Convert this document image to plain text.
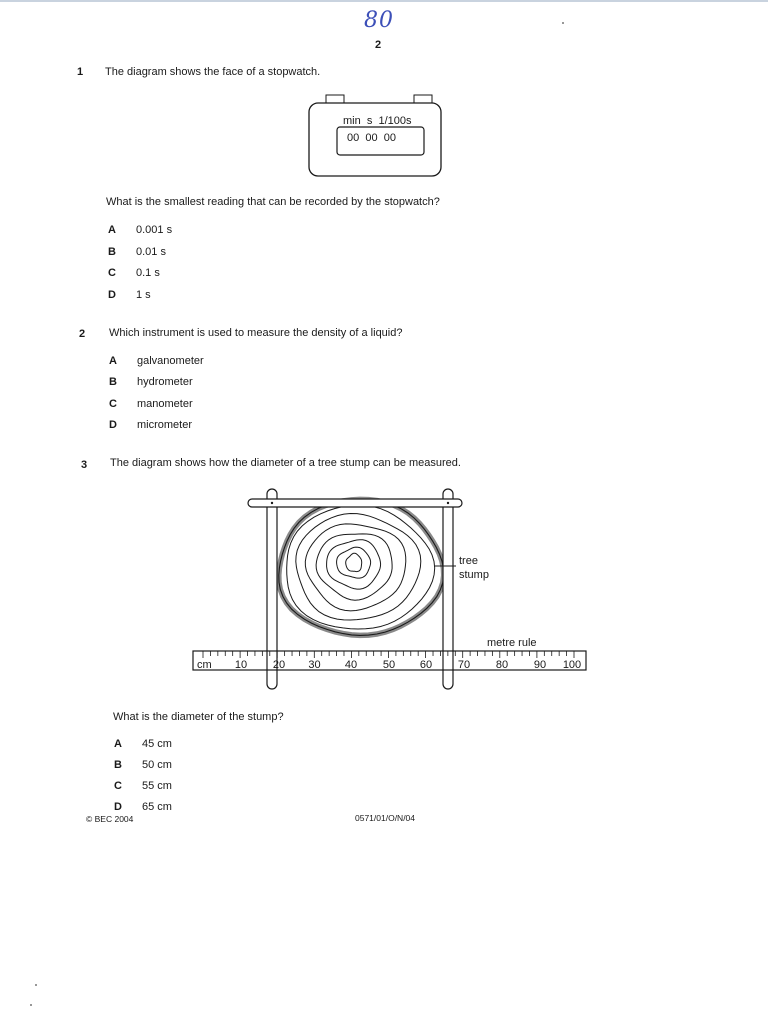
80
2
1 The diagram shows the face of a stopwatch.
min  s  1/100s
00  00  00
What is the smallest reading that can be recorded by the stopwatch?
A 0.001 s
B 0.01 s
C 0.1 s
D 1 s
2 Which instrument is used to measure the density of a liquid?
A galvanometer
B hydrometer
C manometer
D micrometer
3 The diagram shows how the diameter of a tree stump can be measured.
tree
stump
metre rule
cm 10 20 30 40 50 60 70 80 90 100
What is the diameter of the stump?
A 45 cm
B 50 cm
C 55 cm
D 65 cm
© BEC 2004	0571/01/O/N/04
